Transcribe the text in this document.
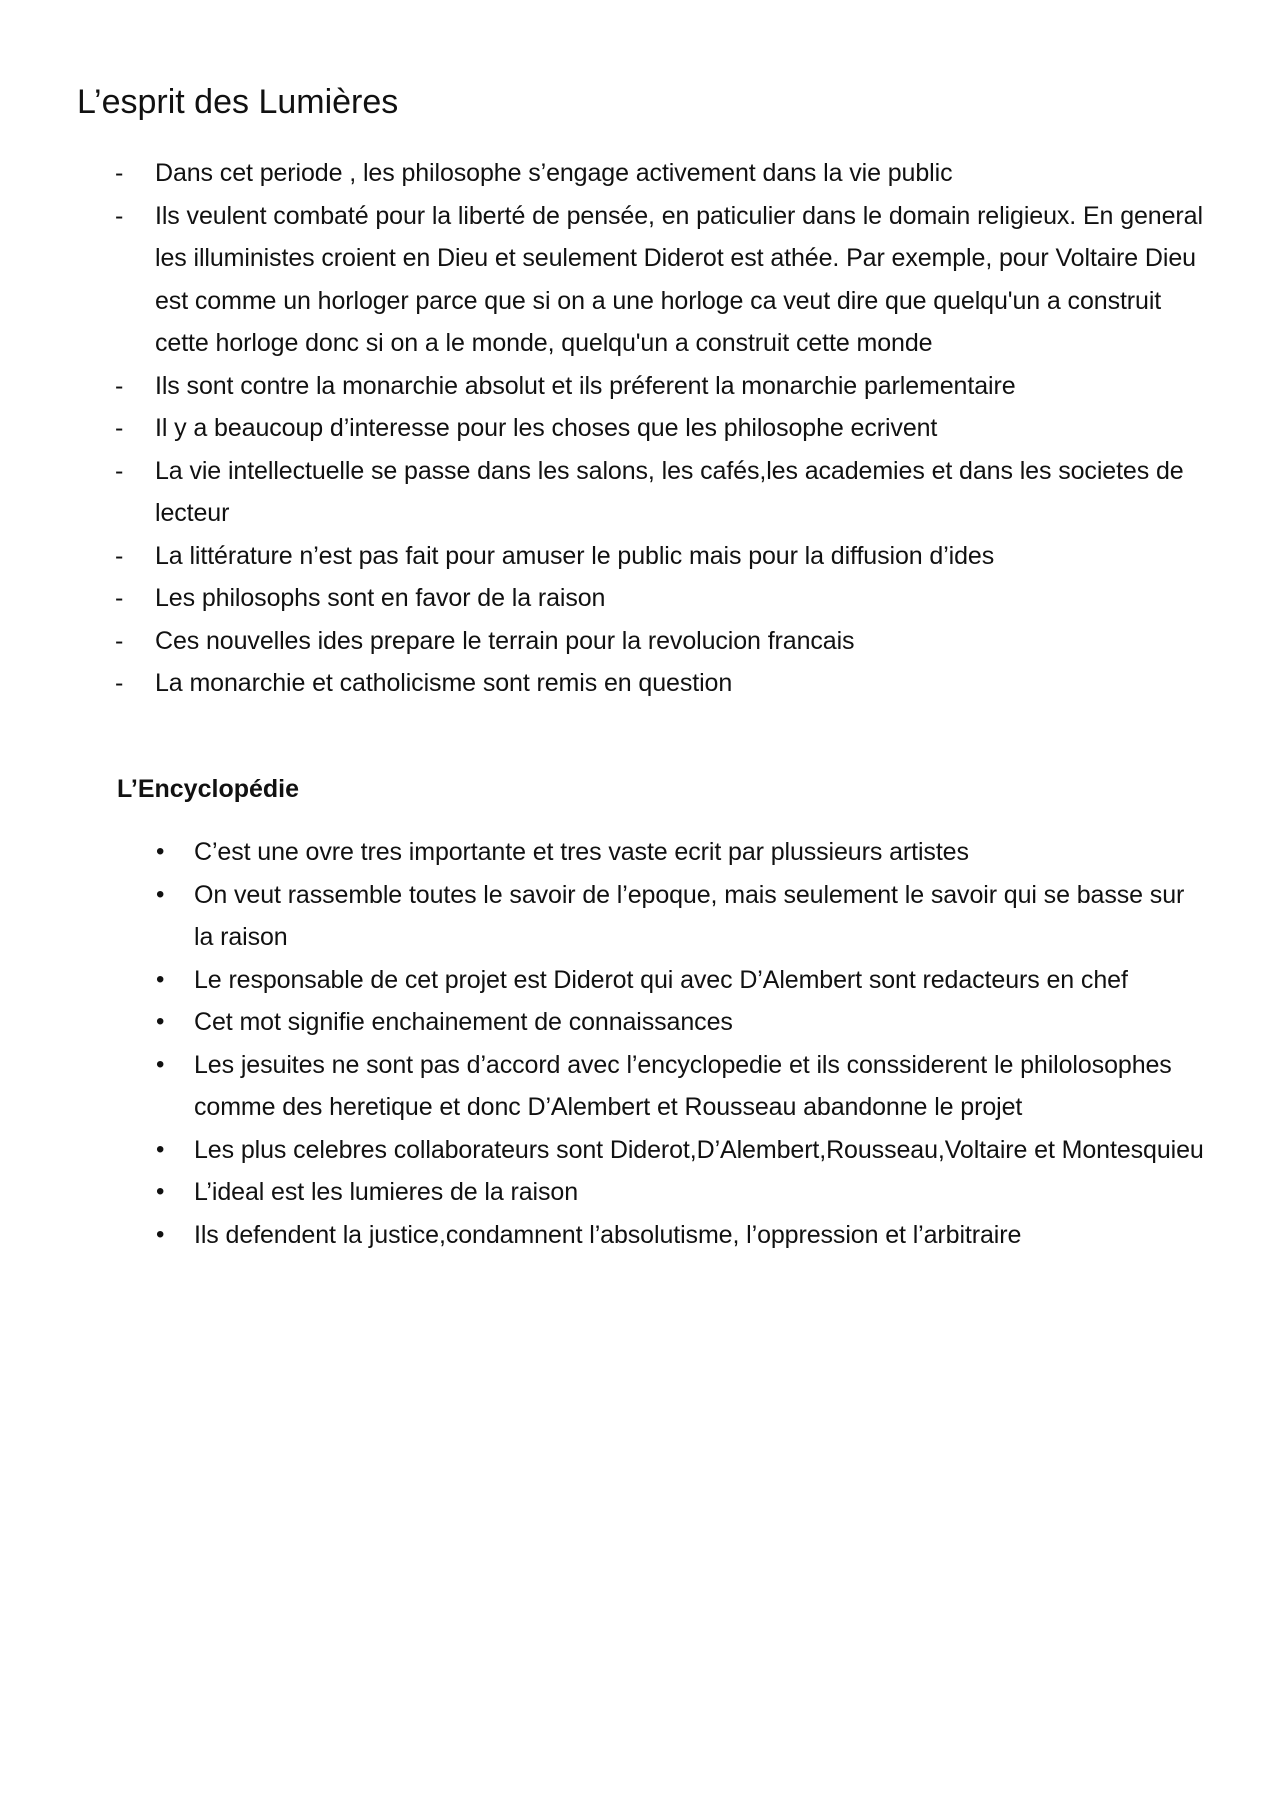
L’esprit des Lumières
- Dans cet periode , les philosophe s’engage activement dans la vie public
- Ils veulent combaté pour la liberté de pensée, en paticulier dans le domain religieux. En general les illuministes croient en Dieu et seulement Diderot est athée. Par exemple, pour Voltaire Dieu est comme un horloger parce que si on a une horloge ca veut dire que quelqu'un a construit cette horloge donc si on a le monde, quelqu'un a construit cette monde
- Ils sont contre la monarchie absolut et ils préferent la monarchie parlementaire
- Il y a beaucoup d’interesse pour les choses que les philosophe ecrivent
- La vie intellectuelle se passe dans les salons, les cafés,les academies et dans les societes de lecteur
- La littérature n’est pas fait pour amuser le public mais pour la diffusion d’ides
- Les philosophs sont en favor de la raison
- Ces nouvelles ides prepare le terrain pour la revolucion francais
- La monarchie et catholicisme sont remis en question
L’Encyclopédie
• C’est une ovre tres importante et tres vaste ecrit par plussieurs artistes
• On veut rassemble toutes le savoir de l’epoque, mais seulement le savoir qui se basse sur la raison
• Le responsable de cet projet est Diderot qui avec D’Alembert sont redacteurs en chef
• Cet mot signifie enchainement de connaissances
• Les jesuites ne sont pas d’accord avec l’encyclopedie et ils conssiderent le philolosophes comme des heretique et donc D’Alembert et Rousseau abandonne le projet
• Les plus celebres collaborateurs sont Diderot,D’Alembert,Rousseau,Voltaire et Montesquieu
• L’ideal est les lumieres de la raison
• Ils defendent la justice,condamnent l’absolutisme, l’oppression et l’arbitraire
